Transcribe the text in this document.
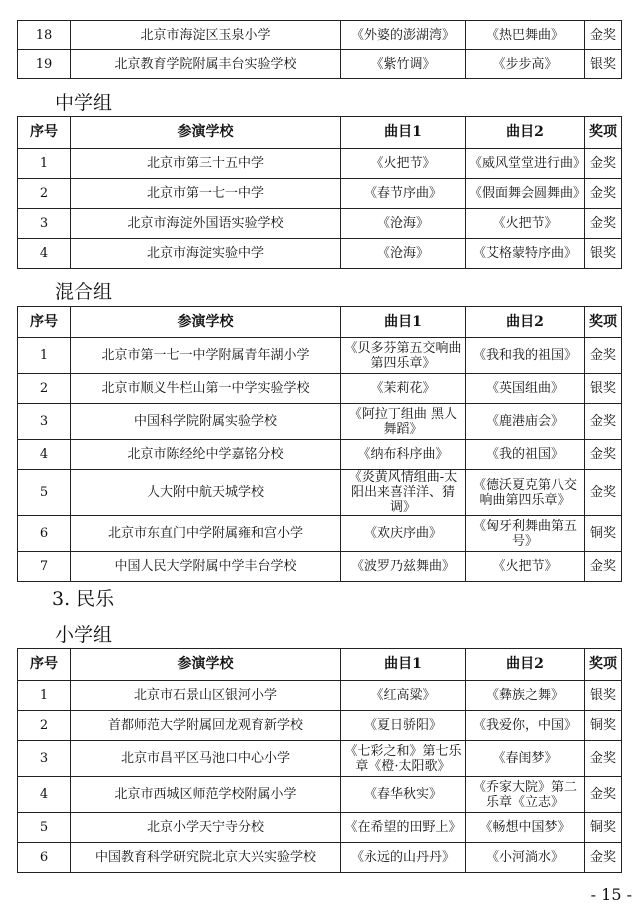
18	北京市海淀区玉泉小学	《外婆的澎湖湾》	《热巴舞曲》	金奖
19	北京教育学院附属丰台实验学校	《紫竹调》	《步步高》	银奖
中学组
序号	参演学校	曲目1	曲目2	奖项
1	北京市第三十五中学	《火把节》	《威风堂堂进行曲》	金奖
2	北京市第一七一中学	《春节序曲》	《假面舞会圆舞曲》	金奖
3	北京市海淀外国语实验学校	《沧海》	《火把节》	金奖
4	北京市海淀实验中学	《沧海》	《艾格蒙特序曲》	银奖
混合组
序号	参演学校	曲目1	曲目2	奖项
1	北京市第一七一中学附属青年湖小学	《贝多芬第五交响曲第四乐章》	《我和我的祖国》	金奖
2	北京市顺义牛栏山第一中学实验学校	《茉莉花》	《英国组曲》	银奖
3	中国科学院附属实验学校	《阿拉丁组曲 黑人舞蹈》	《鹿港庙会》	金奖
4	北京市陈经纶中学嘉铭分校	《纳布科序曲》	《我的祖国》	金奖
5	人大附中航天城学校	《炎黄风情组曲-太阳出来喜洋洋、猜调》	《德沃夏克第八交响曲第四乐章》	金奖
6	北京市东直门中学附属雍和宫小学	《欢庆序曲》	《匈牙利舞曲第五号》	铜奖
7	中国人民大学附属中学丰台学校	《波罗乃兹舞曲》	《火把节》	金奖
3. 民乐
小学组
序号	参演学校	曲目1	曲目2	奖项
1	北京市石景山区银河小学	《红高粱》	《彝族之舞》	银奖
2	首都师范大学附属回龙观育新学校	《夏日骄阳》	《我爱你，中国》	铜奖
3	北京市昌平区马池口中心小学	《七彩之和》第七乐章《橙·太阳歌》	《春闺梦》	金奖
4	北京市西城区师范学校附属小学	《春华秋实》	《乔家大院》第二乐章《立志》	金奖
5	北京小学天宁寺分校	《在希望的田野上》	《畅想中国梦》	铜奖
6	中国教育科学研究院北京大兴实验学校	《永远的山丹丹》	《小河淌水》	金奖
- 15 -
